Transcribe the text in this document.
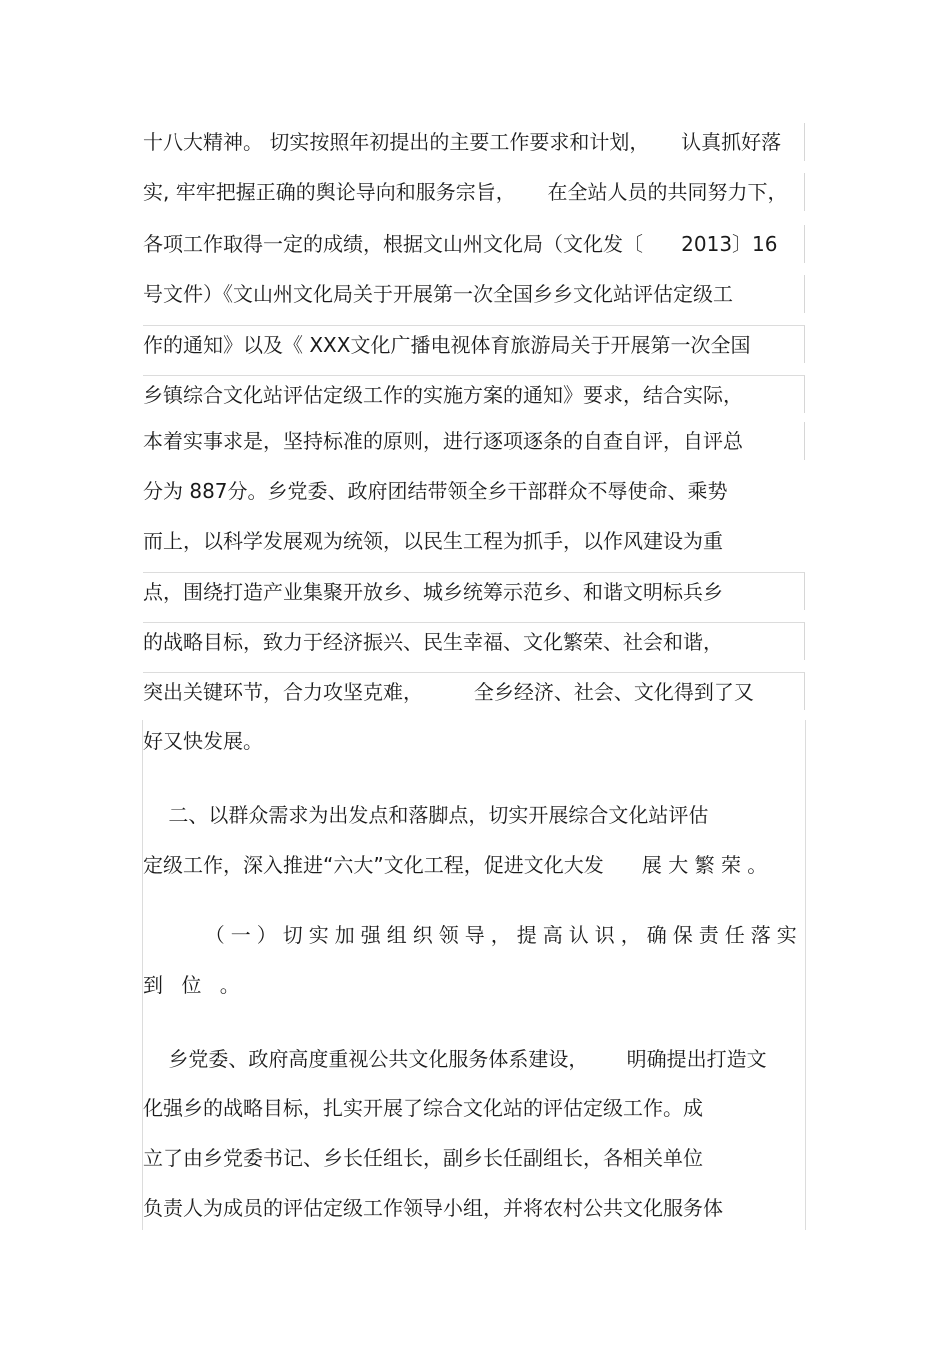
十八大精神。 切实按照年初提出的主要工作要求和计划，     认真抓好落
实, 牢牢把握正确的舆论导向和服务宗旨，     在全站人员的共同努力下，
各项工作取得一定的成绩，根据文山州文化局（文化发〔      2013〕16
号文件）《文山州文化局关于开展第一次全国乡乡文化站评估定级工
作的通知》以及《 XXX文化广播电视体育旅游局关于开展第一次全国
乡镇综合文化站评估定级工作的实施方案的通知》要求，结合实际，
本着实事求是，坚持标准的原则，进行逐项逐条的自查自评，自评总
分为 887分。乡党委、政府团结带领全乡干部群众不辱使命、乘势
而上，以科学发展观为统领，以民生工程为抓手，以作风建设为重
点，围绕打造产业集聚开放乡、城乡统筹示范乡、和谐文明标兵乡
的战略目标，致力于经济振兴、民生幸福、文化繁荣、社会和谐，
突出关键环节，合力攻坚克难，        全乡经济、社会、文化得到了又
好又快发展。
二、以群众需求为出发点和落脚点，切实开展综合文化站评估
定级工作，深入推进“六大”文化工程，促进文化大发      展 大 繁 荣 。
（一）切实加强组织领导，提高认识，确保责任落实
到 位 。
乡党委、政府高度重视公共文化服务体系建设，      明确提出打造文
化强乡的战略目标，扎实开展了综合文化站的评估定级工作。成
立了由乡党委书记、乡长任组长，副乡长任副组长，各相关单位
负责人为成员的评估定级工作领导小组，并将农村公共文化服务体
